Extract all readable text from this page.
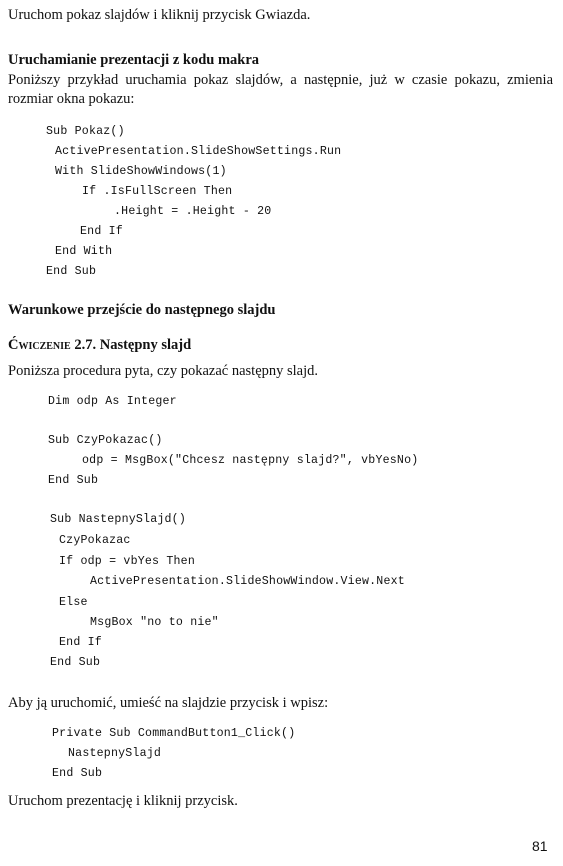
Uruchom pokaz slajdów i kliknij przycisk Gwiazda.
Uruchamianie prezentacji z kodu makra
Poniższy przykład uruchamia pokaz slajdów, a następnie, już w czasie pokazu, zmienia rozmiar okna pokazu:
Sub Pokaz()
ActivePresentation.SlideShowSettings.Run
With SlideShowWindows(1)
If .IsFullScreen Then
.Height = .Height - 20
End If
End With
End Sub
Warunkowe przejście do następnego slajdu
Ćwiczenie 2.7. Następny slajd
Poniższa procedura pyta, czy pokazać następny slajd.
Dim odp As Integer
Sub CzyPokazac()
odp = MsgBox("Chcesz następny slajd?", vbYesNo)
End Sub
Sub NastepnySlajd()
CzyPokazac
If odp = vbYes Then
ActivePresentation.SlideShowWindow.View.Next
Else
MsgBox "no to nie"
End If
End Sub
Aby ją uruchomić, umieść na slajdzie przycisk i wpisz:
Private Sub CommandButton1_Click()
NastepnySlajd
End Sub
Uruchom prezentację i kliknij przycisk.
81
